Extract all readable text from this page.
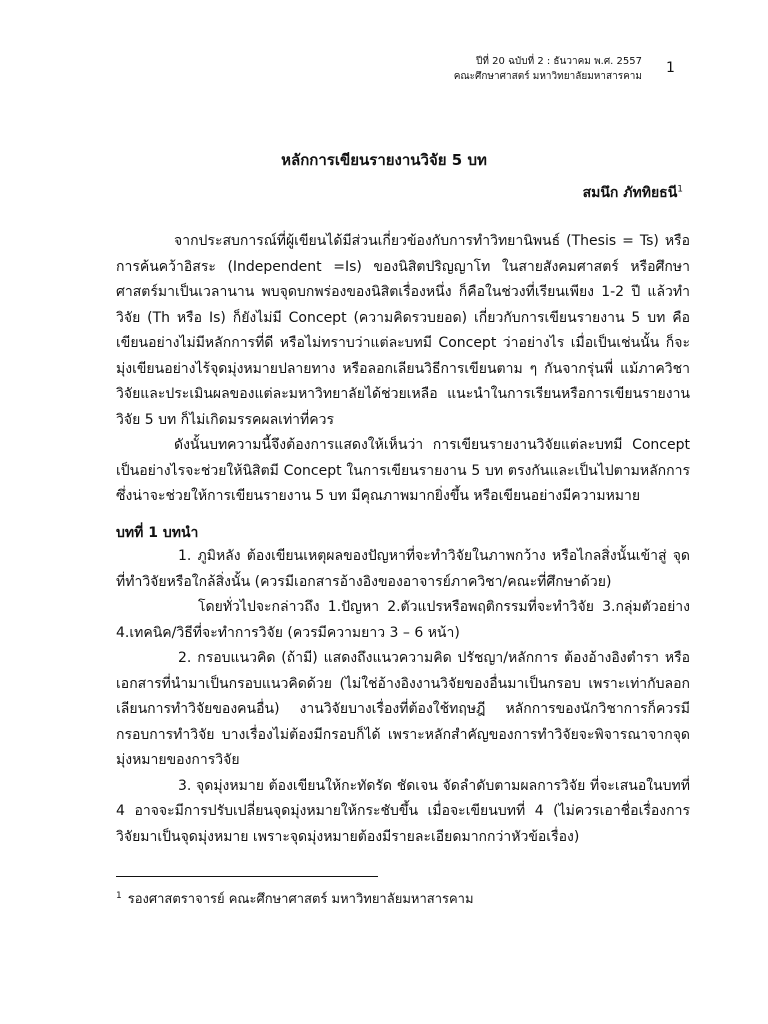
ปีที่ 20 ฉบับที่ 2 : ธันวาคม พ.ศ. 2557
คณะศึกษาศาสตร์ มหาวิทยาลัยมหาสารคาม
1
หลักการเขียนรายงานวิจัย 5 บท
สมนึก ภัททิยธนี$^1$

จากประสบการณ์ที่ผู้เขียนได้มีส่วนเกี่ยวข้องกับการทำวิทยานิพนธ์ (Thesis = Ts) หรือการค้นคว้าอิสระ (Independent =Is) ของนิสิตปริญญาโท ในสายสังคมศาสตร์ หรือศึกษาศาสตร์มาเป็นเวลานาน พบจุดบกพร่องของนิสิตเรื่องหนึ่ง ก็คือในช่วงที่เรียนเพียง 1-2 ปี แล้วทำวิจัย (Th หรือ Is) ก็ยังไม่มี Concept (ความคิดรวบยอด) เกี่ยวกับการเขียนรายงาน 5 บท คือเขียนอย่างไม่มีหลักการที่ดี หรือไม่ทราบว่าแต่ละบทมี Concept ว่าอย่างไร เมื่อเป็นเช่นนั้น ก็จะมุ่งเขียนอย่างไร้จุดมุ่งหมายปลายทาง หรือลอกเลียนวิธีการเขียนตาม ๆ กันจากรุ่นพี่ แม้ภาควิชาวิจัยและประเมินผลของแต่ละมหาวิทยาลัยได้ช่วยเหลือ แนะนำในการเรียนหรือการเขียนรายงานวิจัย 5 บท ก็ไม่เกิดมรรคผลเท่าที่ควร

ดังนั้นบทความนี้จึงต้องการแสดงให้เห็นว่า การเขียนรายงานวิจัยแต่ละบทมี Concept เป็นอย่างไรจะช่วยให้นิสิตมี Concept ในการเขียนรายงาน 5 บท ตรงกันและเป็นไปตามหลักการ ซึ่งน่าจะช่วยให้การเขียนรายงาน 5 บท มีคุณภาพมากยิ่งขึ้น หรือเขียนอย่างมีความหมาย

บทที่ 1 บทนำ

1. ภูมิหลัง ต้องเขียนเหตุผลของปัญหาที่จะทำวิจัยในภาพกว้าง หรือไกลสิ่งนั้นเข้าสู่ จุดที่ทำวิจัยหรือใกล้สิ่งนั้น (ควรมีเอกสารอ้างอิงของอาจารย์ภาควิชา/คณะที่ศึกษาด้วย)

โดยทั่วไปจะกล่าวถึง 1.ปัญหา 2.ตัวแปรหรือพฤติกรรมที่จะทำวิจัย 3.กลุ่มตัวอย่าง 4.เทคนิค/วิธีที่จะทำการวิจัย (ควรมีความยาว 3 – 6 หน้า)

2. กรอบแนวคิด (ถ้ามี) แสดงถึงแนวความคิด ปรัชญา/หลักการ ต้องอ้างอิงตำรา หรือเอกสารที่นำมาเป็นกรอบแนวคิดด้วย (ไม่ใช่อ้างอิงงานวิจัยของอื่นมาเป็นกรอบ เพราะเท่ากับลอกเลียนการทำวิจัยของคนอื่น) งานวิจัยบางเรื่องที่ต้องใช้ทฤษฎี หลักการของนักวิชาการก็ควรมีกรอบการทำวิจัย บางเรื่องไม่ต้องมีกรอบก็ได้ เพราะหลักสำคัญของการทำวิจัยจะพิจารณาจากจุดมุ่งหมายของการวิจัย

3. จุดมุ่งหมาย ต้องเขียนให้กะทัดรัด ชัดเจน จัดลำดับตามผลการวิจัย ที่จะเสนอในบทที่ 4 อาจจะมีการปรับเปลี่ยนจุดมุ่งหมายให้กระชับขึ้น เมื่อจะเขียนบทที่ 4 (ไม่ควรเอาชื่อเรื่องการวิจัยมาเป็นจุดมุ่งหมาย เพราะจุดมุ่งหมายต้องมีรายละเอียดมากกว่าหัวข้อเรื่อง)

$^1$ รองศาสตราจารย์ คณะศึกษาศาสตร์ มหาวิทยาลัยมหาสารคาม
